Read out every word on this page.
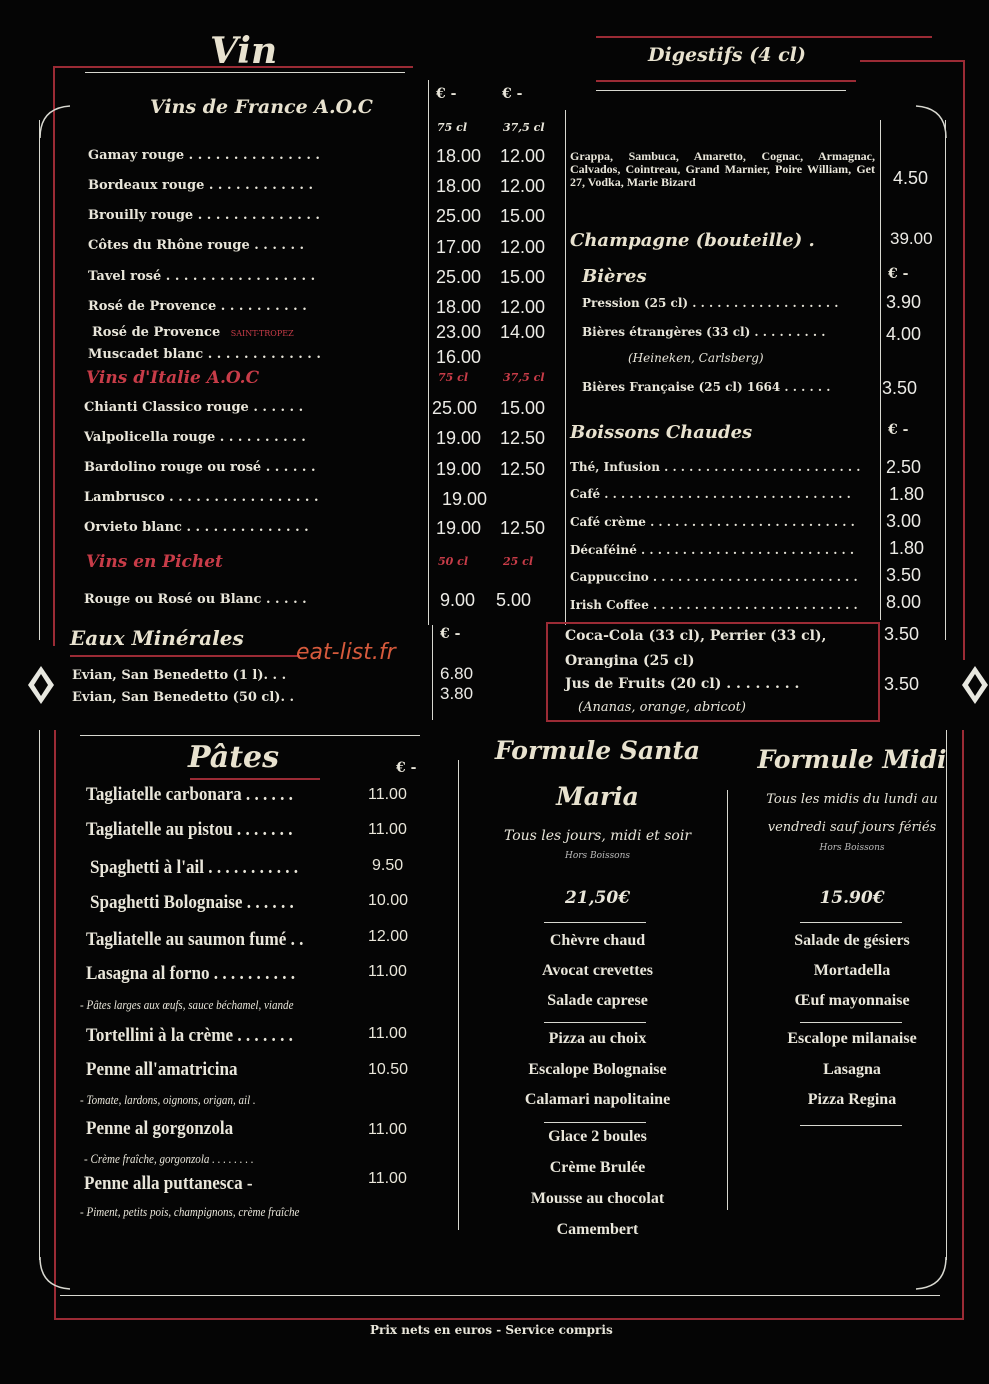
Vin
€ -	€ -
Vins de France A.O.C
75 cl	37,5 cl
Gamay rouge . . . . . . . . . . . . . . .	18.00 12.00
Bordeaux rouge . . . . . . . . . . . .	18.00 12.00
Brouilly rouge . . . . . . . . . . . . . .	25.00 15.00
Côtes du Rhône rouge . . . . . .	17.00 12.00
Tavel rosé . . . . . . . . . . . . . . . . .	25.00 15.00
Rosé de Provence . . . . . . . . . .	18.00 12.00
Rosé de Provence SAINT-TROPEZ	23.00 14.00
Muscadet blanc . . . . . . . . . . . . .	16.00
Vins d'Italie A.O.C	75 cl	37,5 cl
Chianti Classico rouge . . . . . .	25.00 15.00
Valpolicella rouge . . . . . . . . . .	19.00 12.50
Bardolino rouge ou rosé . . . . . .	19.00 12.50
Lambrusco . . . . . . . . . . . . . . . . .	19.00
Orvieto blanc . . . . . . . . . . . . . .	19.00 12.50
Vins en Pichet	50 cl	25 cl
Rouge ou Rosé ou Blanc . . . . .	9.00 5.00
Eaux Minérales	€ -
Evian, San Benedetto (1 l). . .	6.80
Evian, San Benedetto (50 cl). .	3.80
eat-list.fr
Digestifs (4 cl)
Grappa, Sambuca, Amaretto, Cognac, Armagnac, Calvados, Cointreau, Grand Marnier, Poire William, Get 27, Vodka, Marie Bizard	4.50
Champagne (bouteille) .	39.00
Bières	€ -
Pression (25 cl) . . . . . . . . . . . . . . . . . .	3.90
Bières étrangères (33 cl) . . . . . . . . .	4.00
(Heineken, Carlsberg)
Bières Française (25 cl) 1664 . . . . . .	3.50
Boissons Chaudes	€ -
Thé, Infusion . . . . . . . . . . . . . . . . . . . . . . . . 2.50
Café . . . . . . . . . . . . . . . . . . . . . . . . . . . . . . 1.80
Café crème . . . . . . . . . . . . . . . . . . . . . . . . . 3.00
Décaféiné . . . . . . . . . . . . . . . . . . . . . . . . . . 1.80
Cappuccino . . . . . . . . . . . . . . . . . . . . . . . . . 3.50
Irish Coffee . . . . . . . . . . . . . . . . . . . . . . . . . 8.00
Coca-Cola (33 cl), Perrier (33 cl),	3.50
Orangina (25 cl)
Jus de Fruits (20 cl) . . . . . . . .	3.50
(Ananas, orange, abricot)
Pâtes	€ -
Tagliatelle carbonara . . . . . .	11.00
Tagliatelle au pistou . . . . . . .	11.00
Spaghetti à l'ail . . . . . . . . . . .	9.50
Spaghetti Bolognaise . . . . . .	10.00
Tagliatelle au saumon fumé . .	12.00
Lasagna al forno . . . . . . . . . .	11.00
- Pâtes larges aux œufs, sauce béchamel, viande
Tortellini à la crème . . . . . . .	11.00
Penne all'amatricina	10.50
- Tomate, lardons, oignons, origan, ail .
Penne al gorgonzola	11.00
- Crème fraîche, gorgonzola . . . . . . . .
Penne alla puttanesca -	11.00
- Piment, petits pois, champignons, crème fraîche
Formule Santa
Maria
Tous les jours, midi et soir
Hors Boissons
21,50€
Chèvre chaud
Avocat crevettes
Salade caprese
Pizza au choix
Escalope Bolognaise
Calamari napolitaine
Glace 2 boules
Crème Brulée
Mousse au chocolat
Camembert
Formule Midi
Tous les midis du lundi au
vendredi sauf jours fériés
Hors Boissons
15.90€
Salade de gésiers
Mortadella
Œuf mayonnaise
Escalope milanaise
Lasagna
Pizza Regina
Prix nets en euros - Service compris
